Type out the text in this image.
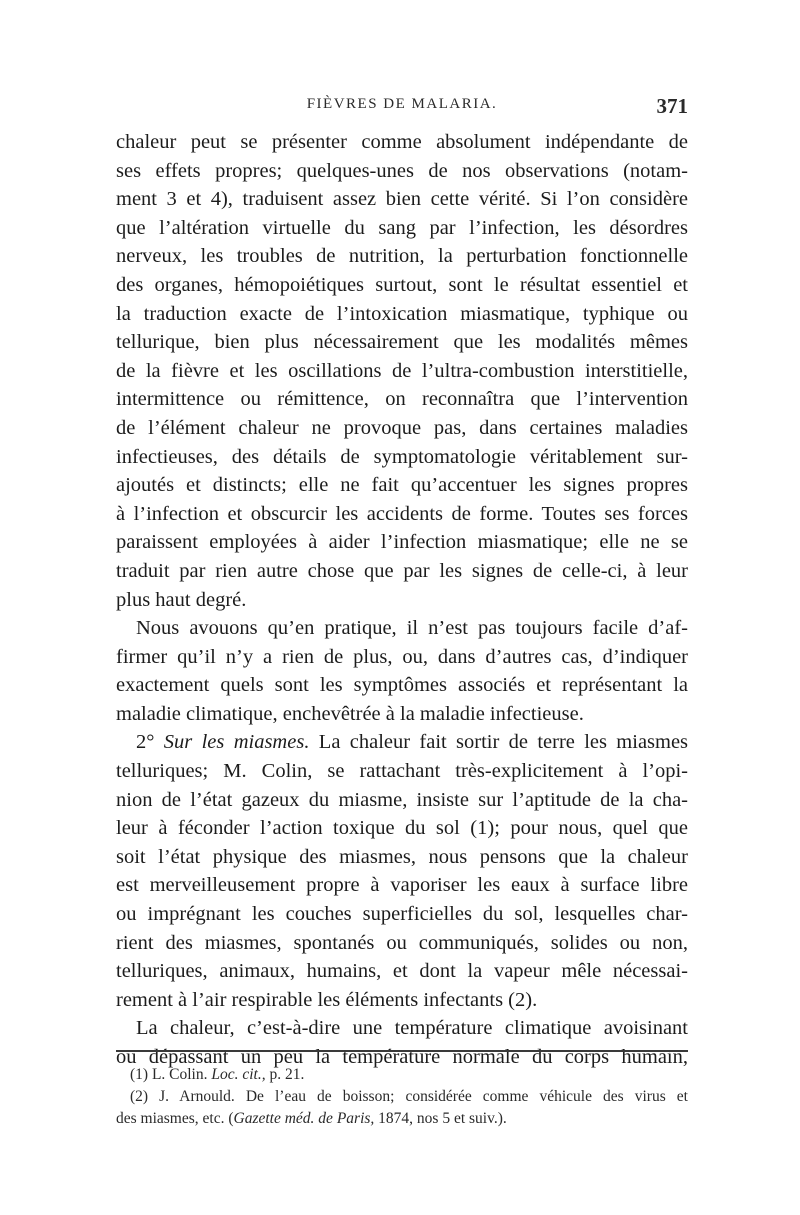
FIÈVRES DE MALARIA.	371
chaleur peut se présenter comme absolument indépendante de
ses effets propres; quelques-unes de nos observations (notam-
ment 3 et 4), traduisent assez bien cette vérité. Si l’on considère
que l’altération virtuelle du sang par l’infection, les désordres
nerveux, les troubles de nutrition, la perturbation fonctionnelle
des organes, hémopoiétiques surtout, sont le résultat essentiel et
la traduction exacte de l’intoxication miasmatique, typhique ou
tellurique, bien plus nécessairement que les modalités mêmes
de la fièvre et les oscillations de l’ultra-combustion interstitielle,
intermittence ou rémittence, on reconnaîtra que l’intervention
de l’élément chaleur ne provoque pas, dans certaines maladies
infectieuses, des détails de symptomatologie véritablement sur-
ajoutés et distincts; elle ne fait qu’accentuer les signes propres
à l’infection et obscurcir les accidents de forme. Toutes ses forces
paraissent employées à aider l’infection miasmatique; elle ne se
traduit par rien autre chose que par les signes de celle-ci, à leur
plus haut degré.
Nous avouons qu’en pratique, il n’est pas toujours facile d’af-
firmer qu’il n’y a rien de plus, ou, dans d’autres cas, d’indiquer
exactement quels sont les symptômes associés et représentant la
maladie climatique, enchevêtrée à la maladie infectieuse.
2° Sur les miasmes. La chaleur fait sortir de terre les miasmes
telluriques; M. Colin, se rattachant très-explicitement à l’opi-
nion de l’état gazeux du miasme, insiste sur l’aptitude de la cha-
leur à féconder l’action toxique du sol (1); pour nous, quel que
soit l’état physique des miasmes, nous pensons que la chaleur
est merveilleusement propre à vaporiser les eaux à surface libre
ou imprégnant les couches superficielles du sol, lesquelles char-
rient des miasmes, spontanés ou communiqués, solides ou non,
telluriques, animaux, humains, et dont la vapeur mêle nécessai-
rement à l’air respirable les éléments infectants (2).
La chaleur, c’est-à-dire une température climatique avoisinant
ou dépassant un peu la température normale du corps humain,
(1) L. Colin. Loc. cit., p. 21.
(2) J. Arnould. De l’eau de boisson; considérée comme véhicule des virus et
des miasmes, etc. (Gazette méd. de Paris, 1874, nos 5 et suiv.).
